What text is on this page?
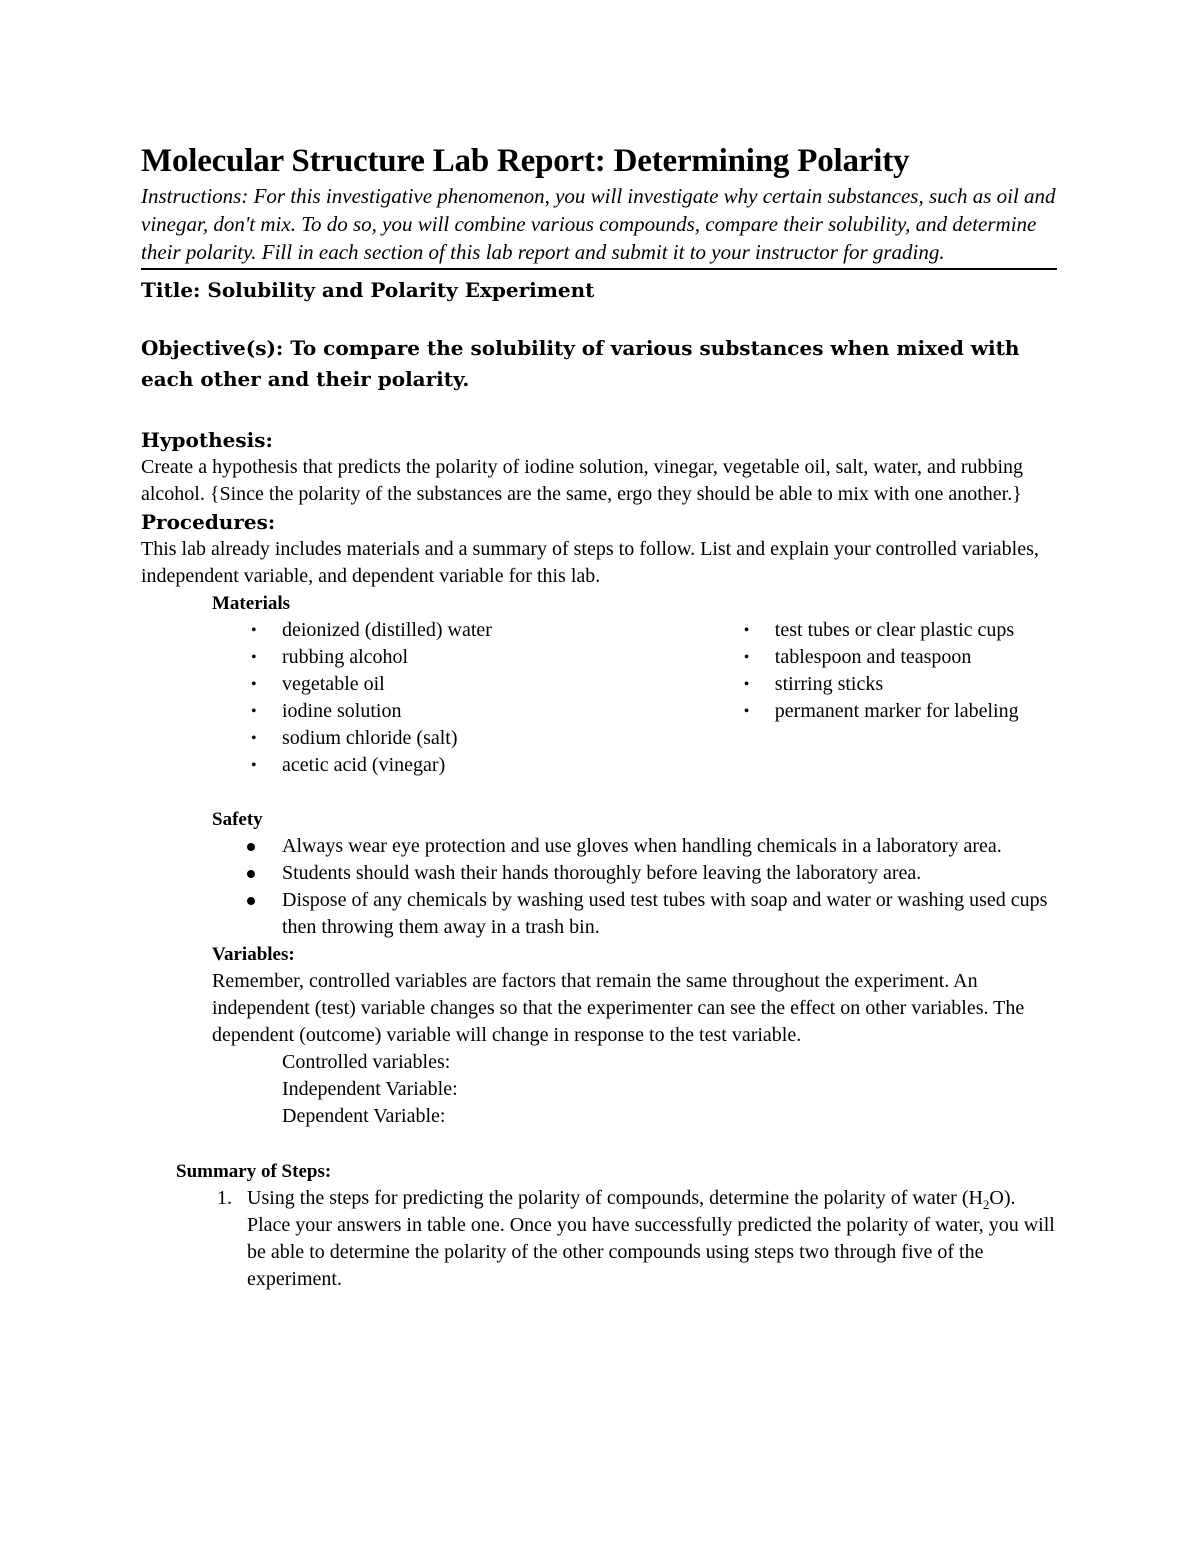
Molecular Structure Lab Report: Determining Polarity

Instructions: For this investigative phenomenon, you will investigate why certain substances, such as oil and vinegar, don't mix. To do so, you will combine various compounds, compare their solubility, and determine their polarity. Fill in each section of this lab report and submit it to your instructor for grading.

Title: Solubility and Polarity Experiment
Objective(s): To compare the solubility of various substances when mixed with each other and their polarity.
Hypothesis:
Create a hypothesis that predicts the polarity of iodine solution, vinegar, vegetable oil, salt, water, and rubbing alcohol. {Since the polarity of the substances are the same, ergo they should be able to mix with one another.}
Procedures:
This lab already includes materials and a summary of steps to follow. List and explain your controlled variables, independent variable, and dependent variable for this lab.
Materials
• deionized (distilled) water
• rubbing alcohol
• vegetable oil
• iodine solution
• sodium chloride (salt)
• acetic acid (vinegar)
• test tubes or clear plastic cups
• tablespoon and teaspoon
• stirring sticks
• permanent marker for labeling
Safety
Always wear eye protection and use gloves when handling chemicals in a laboratory area.
Students should wash their hands thoroughly before leaving the laboratory area.
Dispose of any chemicals by washing used test tubes with soap and water or washing used cups then throwing them away in a trash bin.
Variables:
Remember, controlled variables are factors that remain the same throughout the experiment. An independent (test) variable changes so that the experimenter can see the effect on other variables. The dependent (outcome) variable will change in response to the test variable.
Controlled variables:
Independent Variable:
Dependent Variable:
Summary of Steps:
1. Using the steps for predicting the polarity of compounds, determine the polarity of water $(H_2O)$. Place your answers in table one. Once you have successfully predicted the polarity of water, you will be able to determine the polarity of the other compounds using steps two through five of the experiment.
